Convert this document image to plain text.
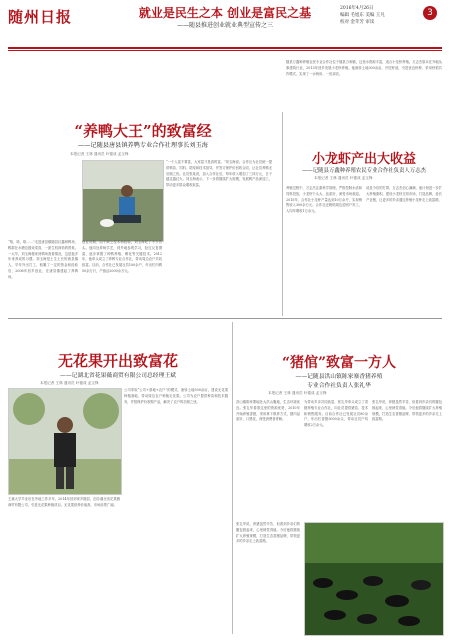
随州日报	就业是民生之本 创业是富民之基
——随县推进创业就业典型宣传之三
2016年4月26日
编辑 毛旭东 美编 王凡
校对 金苹芳 审读
3
“养鸭大王”的致富经
——记随县唐县镇养鸭专业合作社理事长刘玉海
本报记者 王林 通讯员 叶德成 孟玉锋
“咯、咯、咯……”走进唐县镇随县巨鑫种鸭场，鸭群在水塘边嬉戏觅食，一派生机勃勃的景象。一大早，刘玉海便来到鸭场查看情况，这是他多年来养成的习惯。刘玉海是土生土长的唐县镇人，早年外出打工，积累了一定的资金和经验后，2008年回乡创业，在唐县镇建起了养鸭场。
创业初期，由于缺乏技术和经验，刘玉海吃了不少苦头。他四处拜师学艺，到外地参观学习，经过反复摸索，逐步掌握了种鸭养殖、孵化等关键技术。2012年，他牵头成立了养鸭专业合作社，带动周边农户共同致富。目前，合作社已发展社员100余户，年出栏肉鸭50余万只，产值达2000余万元。
“一个人富不算富，大家富才是真的富。”刘玉海说。合作社为社员统一提供鸭苗、饲料、防疫和技术指导，并签订保护价回收合同，让社员养鸭无后顾之忧。社员张某说，加入合作社后，每年收入增加了三四万元，日子越过越红火。刘玉海表示，下一步将继续扩大规模，发展鸭产品深加工，带动更多群众增收致富。
随县万鑫种养殖农民专业合作社位于随县万和镇，这里水资源丰富，适合小龙虾养殖。万志杰原本在外地从事建筑行业，2013年回乡发展小龙虾养殖。他流转土地300余亩，开挖虾池，引进优良虾种，采用虾稻共作模式，实现了一水两用、一田双收。
小龙虾产出大收益
——记随县万鑫种养殖农民专业合作社负责人万志杰
本报记者 王林 通讯员 叶德成 孟玉锋
养殖过程中，万志杰注重科学管理，严格控制水质和饲料投放，小龙虾个头大、品质好，深受市场欢迎。2015年，合作社小龙虾产量达到10万余斤，实现销售收入300余万元。合作社还吸纳周边贫困户务工，人均年增收1万余元。
谈及今后的打算，万志杰信心满满，他计划进一步扩大养殖面积，建设小龙虾交易市场，打造品牌，延长产业链，让更多的乡亲通过养殖小龙虾走上致富路。
无花果开出致富花
——记湖北省花果薇商贸有限公司总经理王斌
本报记者 王林 通讯员 叶德成 孟玉锋
王斌大学毕业后在外地工作多年，2014年回到家乡随县，创办湖北省花果薇商贸有限公司，引进无花果种植项目。无花果营养价值高，市场前景广阔。
公司采取“公司+基地+农户”的模式，流转土地500余亩，建设无花果种植基地，带动周边农户种植无花果。公司为农户提供种苗和技术服务，并按保护价收购产品，解决了农户的后顾之忧。
“猪倌”致富一方人
——记随县洪山镇陈家寨香猪养殖
专业合作社负责人张礼华
本报记者 王林 通讯员 叶德成 孟玉锋
洪山镇陈家寨地处大洪山腹地，生态环境优良。张礼华看准这里的资源优势，2010年开始养殖香猪，采用林下散养方式，猪肉品质好、口感佳，深受消费者青睐。
为带动乡亲共同致富，张礼华牵头成立了香猪养殖专业合作社，向社员提供猪苗、技术和销售服务。目前合作社已发展社员80余户，年出栏香猪3000余头，带动社员户均增收2万余元。
张礼华说，养猪虽然辛苦，但看到乡亲们的腰包鼓起来，心里就觉得值。今后他将继续扩大养殖规模，打造生态香猪品牌，带领更多的乡亲走上致富路。
张礼华说，养猪虽然辛苦，但看到乡亲们的腰包鼓起来，心里就觉得值。今后他将继续扩大养殖规模，打造生态香猪品牌，带领更多的乡亲走上致富路。
